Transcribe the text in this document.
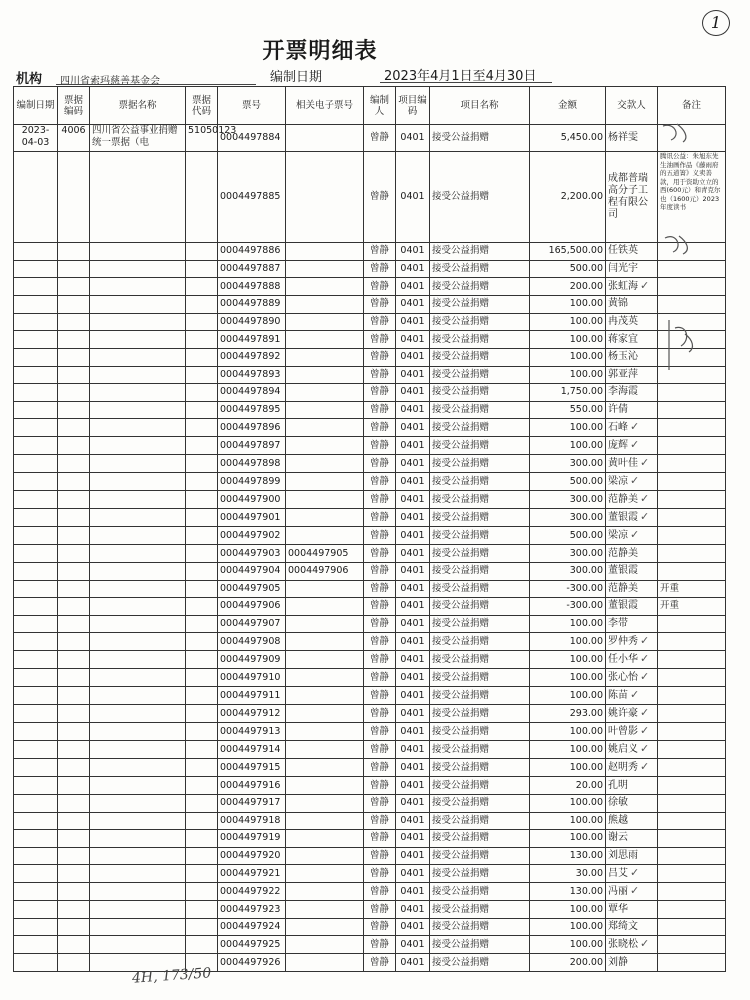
1
开票明细表
机构 四川省索玛慈善基金会	编制日期	2023年4月1日至4月30日
编制日期	票据编码	票据名称	票据代码	票号	相关电子票号	编制人	项目编码	项目名称	金额	交款人	备注
2023-04-03	4006	四川省公益事业捐赠统一票据（电	51050123	0004497884		曾静	0401	接受公益捐赠	5,450.00	杨祥雯	
				0004497885		曾静	0401	接受公益捐赠	2,200.00	成都普瑞高分子工程有限公司	腾讯公益：朱旭东先生油画作品《藤雨府的五道箐》义卖善款，用于资助立立的西(600元）和青克尔也（1600元）2023年度读书
				0004497886		曾静	0401	接受公益捐赠	165,500.00	任铁英	
				0004497887		曾静	0401	接受公益捐赠	500.00	闫光宇	
				0004497888		曾静	0401	接受公益捐赠	200.00	张虹海 ✓	
				0004497889		曾静	0401	接受公益捐赠	100.00	黄锦	
				0004497890		曾静	0401	接受公益捐赠	100.00	冉茂英	
				0004497891		曾静	0401	接受公益捐赠	100.00	蒋家宜	
				0004497892		曾静	0401	接受公益捐赠	100.00	杨玉沁	
				0004497893		曾静	0401	接受公益捐赠	100.00	郭亚萍	
				0004497894		曾静	0401	接受公益捐赠	1,750.00	李海霞	
				0004497895		曾静	0401	接受公益捐赠	550.00	许倩	
				0004497896		曾静	0401	接受公益捐赠	100.00	石峰 ✓	
				0004497897		曾静	0401	接受公益捐赠	100.00	庞辉 ✓	
				0004497898		曾静	0401	接受公益捐赠	300.00	黄叶佳 ✓	
				0004497899		曾静	0401	接受公益捐赠	500.00	梁凉 ✓	
				0004497900		曾静	0401	接受公益捐赠	300.00	范静美 ✓	
				0004497901		曾静	0401	接受公益捐赠	300.00	董银霞 ✓	
				0004497902		曾静	0401	接受公益捐赠	500.00	梁凉 ✓	
				0004497903	0004497905	曾静	0401	接受公益捐赠	300.00	范静美	
				0004497904	0004497906	曾静	0401	接受公益捐赠	300.00	董银霞	
				0004497905		曾静	0401	接受公益捐赠	-300.00	范静美	开重
				0004497906		曾静	0401	接受公益捐赠	-300.00	董银霞	开重
				0004497907		曾静	0401	接受公益捐赠	100.00	李带	
				0004497908		曾静	0401	接受公益捐赠	100.00	罗仲秀 ✓	
				0004497909		曾静	0401	接受公益捐赠	100.00	任小华 ✓	
				0004497910		曾静	0401	接受公益捐赠	100.00	张心怡 ✓	
				0004497911		曾静	0401	接受公益捐赠	100.00	陈苗 ✓	
				0004497912		曾静	0401	接受公益捐赠	293.00	姚许豪 ✓	
				0004497913		曾静	0401	接受公益捐赠	100.00	叶曾影 ✓	
				0004497914		曾静	0401	接受公益捐赠	100.00	姚启义 ✓	
				0004497915		曾静	0401	接受公益捐赠	100.00	赵明秀 ✓	
				0004497916		曾静	0401	接受公益捐赠	20.00	孔明	
				0004497917		曾静	0401	接受公益捐赠	100.00	徐敏	
				0004497918		曾静	0401	接受公益捐赠	100.00	熊越	
				0004497919		曾静	0401	接受公益捐赠	100.00	谢云	
				0004497920		曾静	0401	接受公益捐赠	130.00	刘思雨	
				0004497921		曾静	0401	接受公益捐赠	30.00	吕艾 ✓	
				0004497922		曾静	0401	接受公益捐赠	130.00	冯丽 ✓	
				0004497923		曾静	0401	接受公益捐赠	100.00	覃华	
				0004497924		曾静	0401	接受公益捐赠	100.00	郑绮文	
				0004497925		曾静	0401	接受公益捐赠	100.00	张晓松 ✓	
				0004497926		曾静	0401	接受公益捐赠	200.00	刘静	
4H, 173/50
